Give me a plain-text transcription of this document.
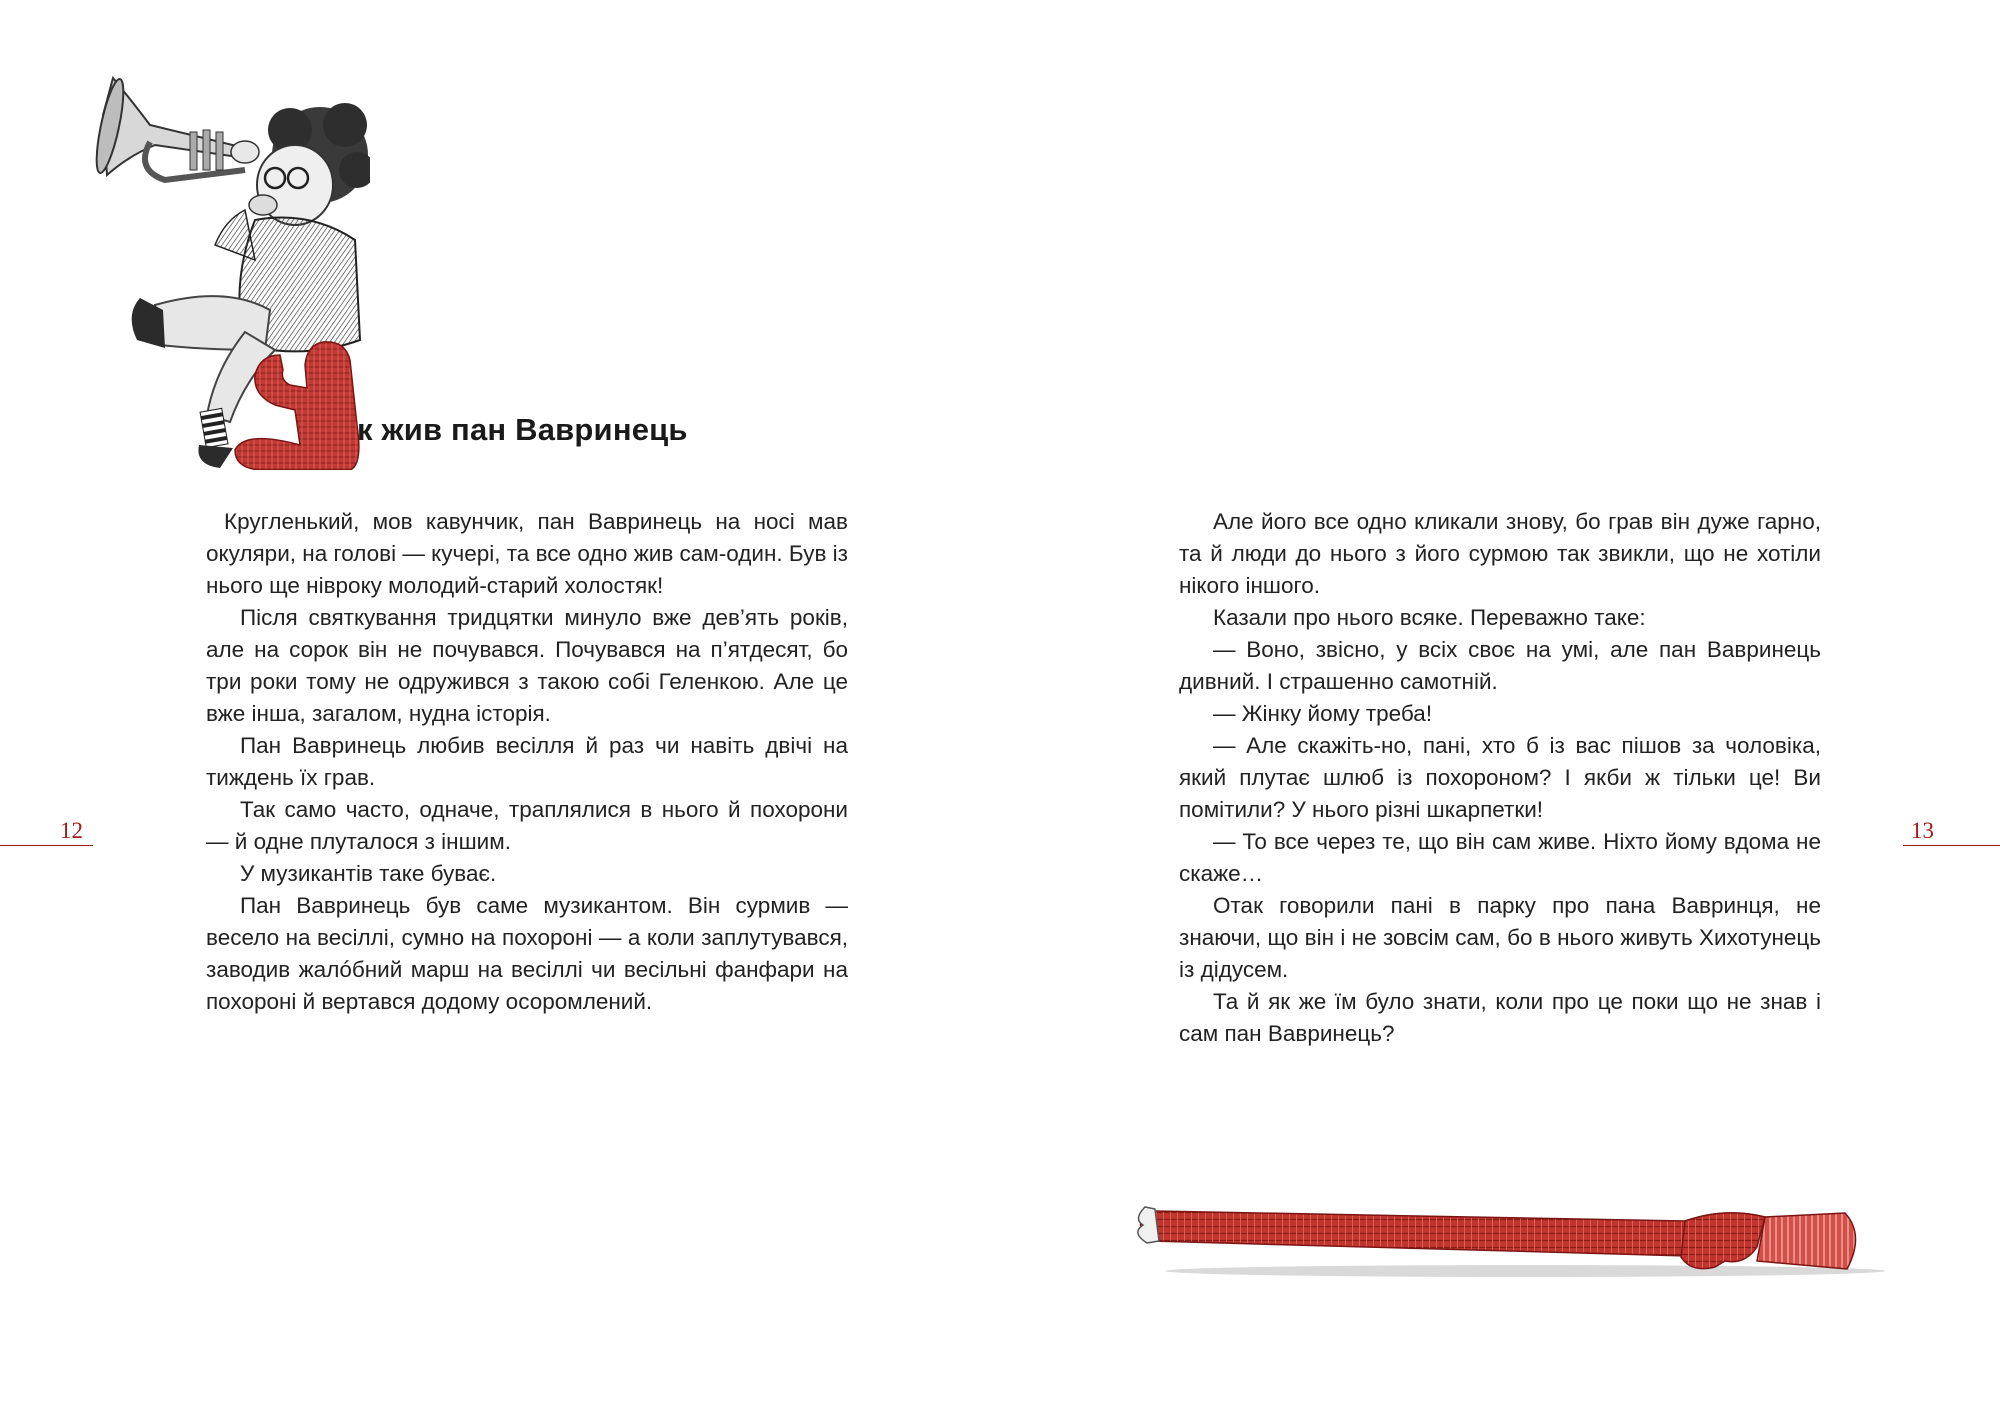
к жив пан Вавринець

Кругленький, мов кавунчик, пан Вавринець на носі мав окуляри, на голові — кучері, та все одно жив сам-один. Був із нього ще нівроку молодий-старий холостяк!

Після святкування тридцятки минуло вже дев’ять років, але на сорок він не почувався. Почувався на п’ятдесят, бо три роки тому не одружився з такою собі Геленкою. Але це вже інша, загалом, нудна історія.

Пан Вавринець любив весілля й раз чи навіть двічі на тиждень їх грав.

Так само часто, одначе, траплялися в нього й похорони — й одне плуталося з іншим.

У музикантів таке буває.

Пан Вавринець був саме музикантом. Він сурмив — весело на весіллі, сумно на похороні — а коли заплутувався, заводив жалóбний марш на весіллі чи весільні фанфари на похороні й вертався додому осоромлений.

12

Але його все одно кликали знову, бо грав він дуже гарно, та й люди до нього з його сурмою так звикли, що не хотіли нікого іншого.

Казали про нього всяке. Переважно таке:

— Воно, звісно, у всіх своє на умі, але пан Вавринець дивний. І страшенно самотній.

— Жінку йому треба!

— Але скажіть-но, пані, хто б із вас пішов за чоловіка, який плутає шлюб із похороном? І якби ж тільки це! Ви помітили? У нього різні шкарпетки!

— То все через те, що він сам живе. Ніхто йому вдома не скаже…

Отак говорили пані в парку про пана Вавринця, не знаючи, що він і не зовсім сам, бо в нього живуть Хихотунець із дідусем.

Та й як же їм було знати, коли про це поки що не знав і сам пан Вавринець?

13
